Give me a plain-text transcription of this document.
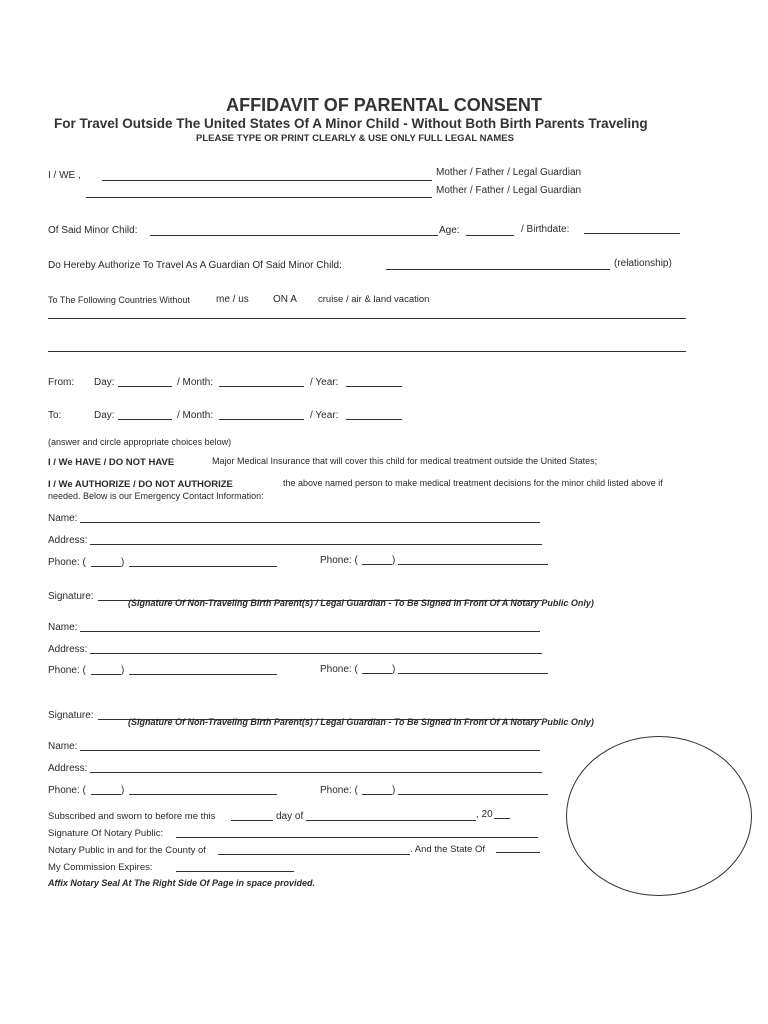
AFFIDAVIT OF PARENTAL CONSENT
For Travel Outside The United States Of A Minor Child - Without Both Birth Parents Traveling
PLEASE TYPE OR PRINT CLEARLY & USE ONLY FULL LEGAL NAMES
I / WE ,	Mother / Father / Legal Guardian
Mother / Father / Legal Guardian
Of Said Minor Child:	Age:	/ Birthdate:
Do Hereby Authorize To Travel As A Guardian Of Said Minor Child:	(relationship)
To The Following Countries Without	me / us ON A cruise / air & land vacation
From: Day:	/ Month:	/ Year:
To:	Day:	/ Month:	/ Year:
(answer and circle appropriate choices below)
I / We HAVE / DO NOT HAVE	Major Medical Insurance that will cover this child for medical treatment outside the United States;
I / We AUTHORIZE / DO NOT AUTHORIZE	the above named person to make medical treatment decisions for the minor child listed above if
needed. Below is our Emergency Contact Information:
Name:
Address:
Phone: (	)	Phone: (	)
Signature:
(Signature Of Non-Traveling Birth Parent(s) / Legal Guardian - To Be Signed In Front Of A Notary Public Only)
Name:
Address:
Phone: (	)	Phone: (	)
Signature:
(Signature Of Non-Traveling Birth Parent(s) / Legal Guardian - To Be Signed In Front Of A Notary Public Only)
Name:
Address:
Phone: (	)	Phone: (	)
Subscribed and sworn to before me this	day of	, 20
Signature Of Notary Public:
Notary Public in and for the County of	. And the State Of
My Commission Expires:
Affix Notary Seal At The Right Side Of Page in space provided.
